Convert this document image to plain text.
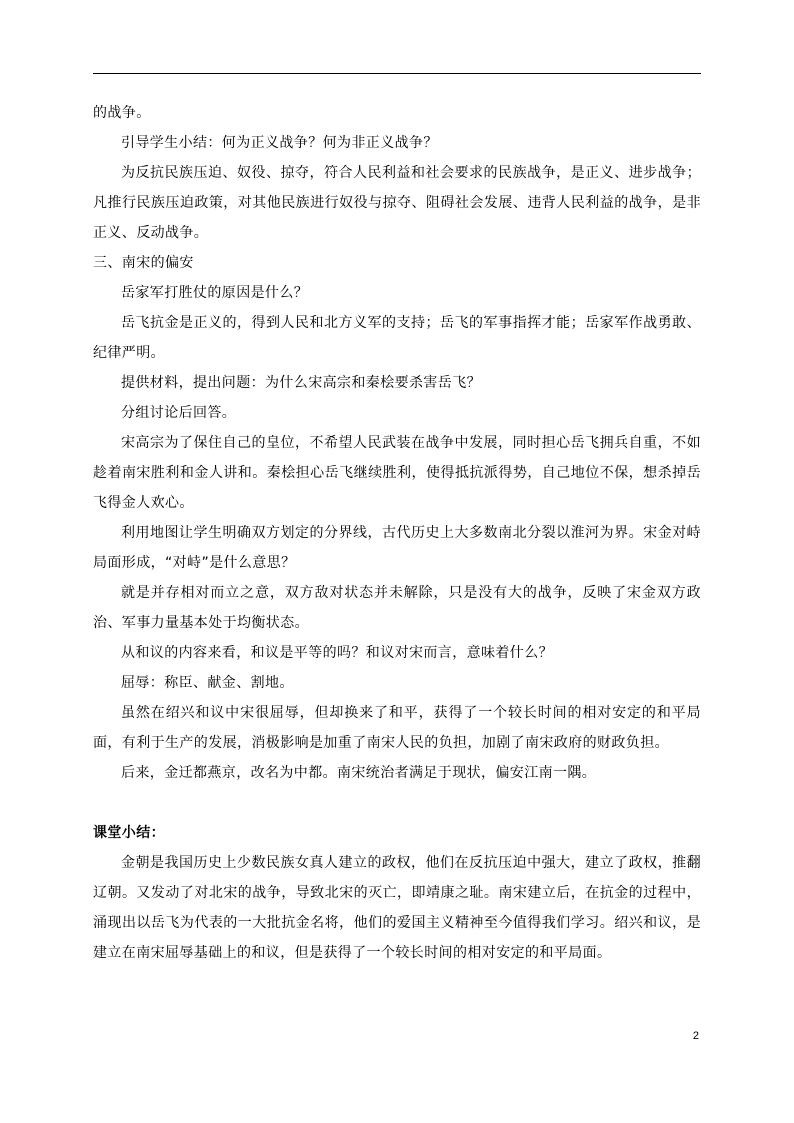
的战争。

引导学生小结：何为正义战争？何为非正义战争？

为反抗民族压迫、奴役、掠夺，符合人民利益和社会要求的民族战争，是正义、进步战争；凡推行民族压迫政策，对其他民族进行奴役与掠夺、阻碍社会发展、违背人民利益的战争，是非正义、反动战争。

三、南宋的偏安

岳家军打胜仗的原因是什么？

岳飞抗金是正义的，得到人民和北方义军的支持；岳飞的军事指挥才能；岳家军作战勇敢、纪律严明。

提供材料，提出问题：为什么宋高宗和秦桧要杀害岳飞？

分组讨论后回答。

宋高宗为了保住自己的皇位，不希望人民武装在战争中发展，同时担心岳飞拥兵自重，不如趁着南宋胜利和金人讲和。秦桧担心岳飞继续胜利，使得抵抗派得势，自己地位不保，想杀掉岳飞得金人欢心。

利用地图让学生明确双方划定的分界线，古代历史上大多数南北分裂以淮河为界。宋金对峙局面形成，“对峙”是什么意思？

就是并存相对而立之意，双方敌对状态并未解除，只是没有大的战争，反映了宋金双方政治、军事力量基本处于均衡状态。

从和议的内容来看，和议是平等的吗？和议对宋而言，意味着什么？

屈辱：称臣、献金、割地。

虽然在绍兴和议中宋很屈辱，但却换来了和平，获得了一个较长时间的相对安定的和平局面，有利于生产的发展，消极影响是加重了南宋人民的负担，加剧了南宋政府的财政负担。

后来，金迁都燕京，改名为中都。南宋统治者满足于现状，偏安江南一隅。

课堂小结：

金朝是我国历史上少数民族女真人建立的政权，他们在反抗压迫中强大，建立了政权，推翻辽朝。又发动了对北宋的战争，导致北宋的灭亡，即靖康之耻。南宋建立后，在抗金的过程中，涌现出以岳飞为代表的一大批抗金名将，他们的爱国主义精神至今值得我们学习。绍兴和议，是建立在南宋屈辱基础上的和议，但是获得了一个较长时间的相对安定的和平局面。

2
